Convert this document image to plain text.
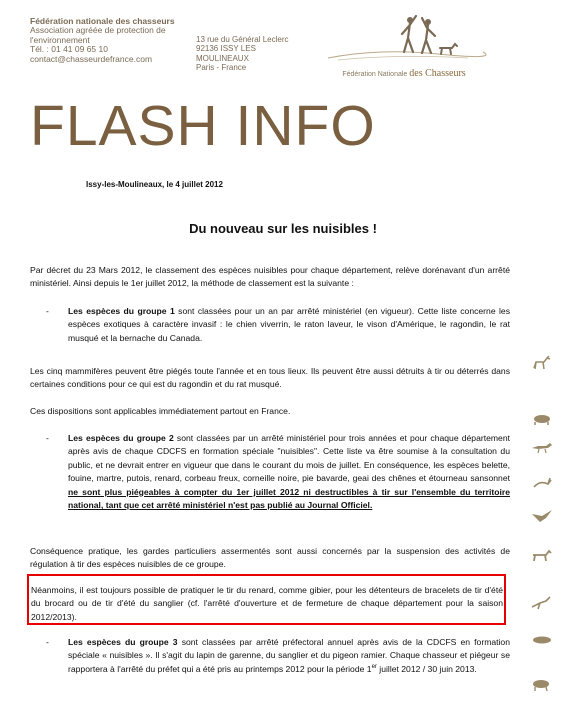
Fédération nationale des chasseurs
Association agréée de protection de l'environnement
Tél. : 01 41 09 65 10
contact@chasseurdefrance.com
13 rue du Général Leclerc
92136 ISSY LES MOULINEAUX
Paris - France
Fédération Nationale des Chasseurs
FLASH INFO
Issy-les-Moulineaux, le 4 juillet 2012
Du nouveau sur les nuisibles !
Par décret du 23 Mars 2012, le classement des espèces nuisibles pour chaque département, relève dorénavant d'un arrêté ministériel. Ainsi depuis le 1er juillet 2012, la méthode de classement est la suivante :
- Les espèces du groupe 1 sont classées pour un an par arrêté ministériel (en vigueur). Cette liste concerne les espèces exotiques à caractère invasif : le chien viverrin, le raton laveur, le vison d'Amérique, le ragondin, le rat musqué et la bernache du Canada.
Les cinq mammifères peuvent être piégés toute l'année et en tous lieux. Ils peuvent être aussi détruits à tir ou déterrés dans certaines conditions pour ce qui est du ragondin et du rat musqué.
Ces dispositions sont applicables immédiatement partout en France.
- Les espèces du groupe 2 sont classées par un arrêté ministériel pour trois années et pour chaque département après avis de chaque CDCFS en formation spéciale "nuisibles". Cette liste va être soumise à la consultation du public, et ne devrait entrer en vigueur que dans le courant du mois de juillet. En conséquence, les espèces belette, fouine, martre, putois, renard, corbeau freux, corneille noire, pie bavarde, geai des chênes et étourneau sansonnet ne sont plus piégeables à compter du 1er juillet 2012 ni destructibles à tir sur l'ensemble du territoire national, tant que cet arrêté ministériel n'est pas publié au Journal Officiel.
Conséquence pratique, les gardes particuliers assermentés sont aussi concernés par la suspension des activités de régulation à tir des espèces nuisibles de ce groupe.
Néanmoins, il est toujours possible de pratiquer le tir du renard, comme gibier, pour les détenteurs de bracelets de tir d'été du brocard ou de tir d'été du sanglier (cf. l'arrêté d'ouverture et de fermeture de chaque département pour la saison 2012/2013).
- Les espèces du groupe 3 sont classées par arrêté préfectoral annuel après avis de la CDCFS en formation spéciale « nuisibles ». Il s'agit du lapin de garenne, du sanglier et du pigeon ramier. Chaque chasseur et piégeur se rapportera à l'arrêté du préfet qui a été pris au printemps 2012 pour la période 1er juillet 2012 / 30 juin 2013.
